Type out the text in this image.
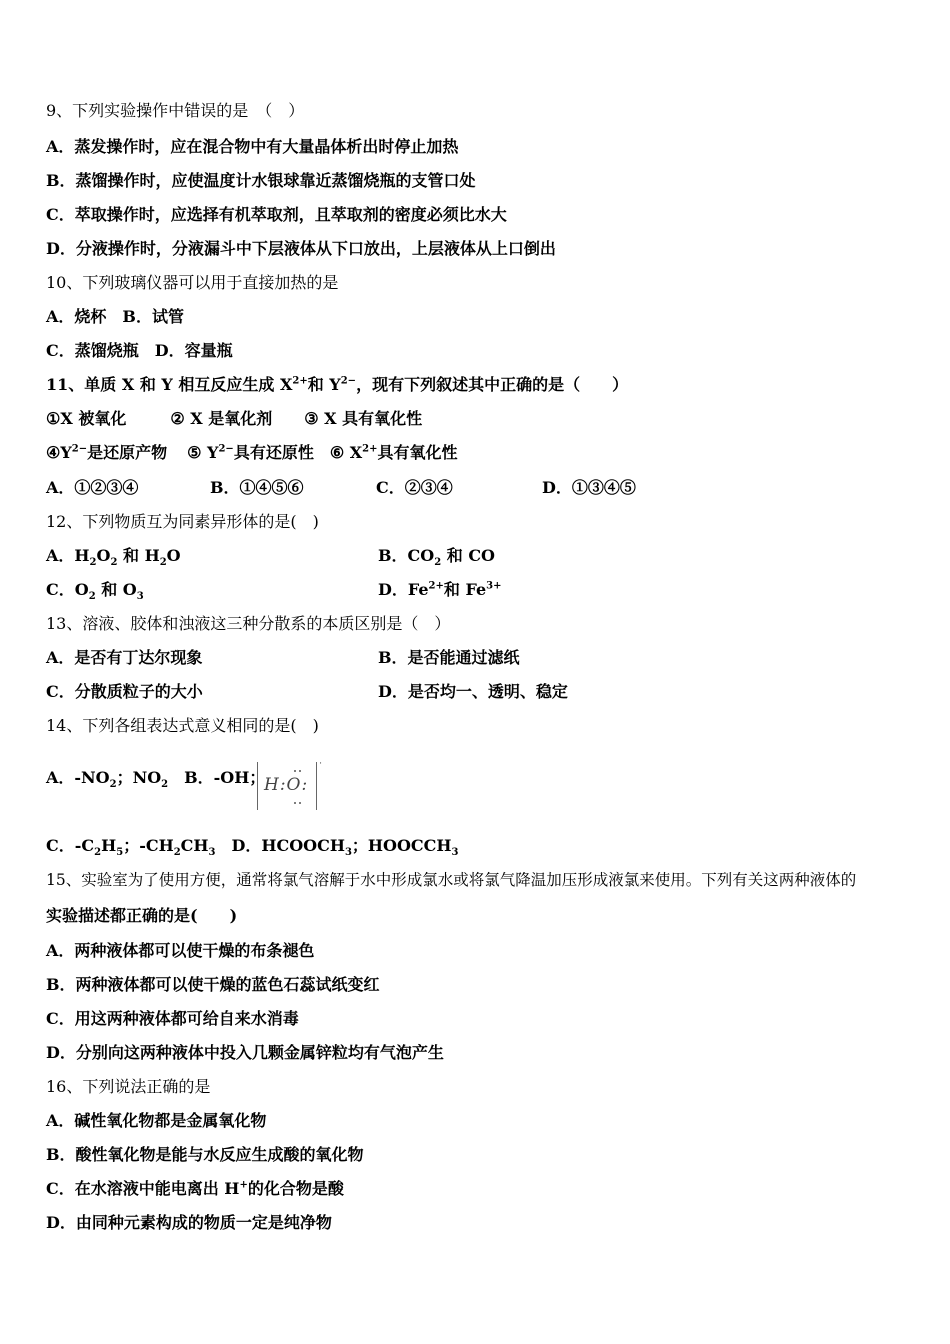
9、下列实验操作中错误的是　（　）
A．蒸发操作时，应在混合物中有大量晶体析出时停止加热
B．蒸馏操作时，应使温度计水银球靠近蒸馏烧瓶的支管口处
C．萃取操作时，应选择有机萃取剂，且萃取剂的密度必须比水大
D．分液操作时，分液漏斗中下层液体从下口放出，上层液体从上口倒出
10、下列玻璃仪器可以用于直接加热的是
A．烧杯　B．试管
C．蒸馏烧瓶　D．容量瓶
11、单质 X 和 Y 相互反应生成 $X^{2+}$和 $Y^{2-}$，现有下列叙述其中正确的是（　　）
①X 被氧化	② X 是氧化剂 ③ X 具有氧化性
$④Y^{2-}$是还原产物 ⑤ $Y^{2-}$具有还原性 ⑥ $X^{2+}$具有氧化性
A．①②③④	B．①④⑤⑥	C．②③④	D．①③④⑤
12、下列物质互为同素异形体的是(　)
A．$H_2O_2$ 和 $H_2O$	B．$CO_2$ 和 CO
C．$O_2$ 和 $O_3$	D．$Fe^{2+}$和 $Fe^{3+}$
13、溶液、胶体和浊液这三种分散系的本质区别是（　）
A．是否有丁达尔现象	B．是否能通过滤纸
C．分散质粒子的大小	D．是否均一、透明、稳定
14、下列各组表达式意义相同的是(　)
A．$-NO_2$；$NO_2$ B．-OH；
H:O:
·
C．$-C_2H_5$；$-CH_2CH_3$ D．$HCOOCH_3$；$HOOCCH_3$
15、实验室为了使用方便，通常将氯气溶解于水中形成氯水或将氯气降温加压形成液氯来使用。下列有关这两种液体的
实验描述都正确的是(　　)
A．两种液体都可以使干燥的布条褪色
B．两种液体都可以使干燥的蓝色石蕊试纸变红
C．用这两种液体都可给自来水消毒
D．分别向这两种液体中投入几颗金属锌粒均有气泡产生
16、下列说法正确的是
A．碱性氧化物都是金属氧化物
B．酸性氧化物是能与水反应生成酸的氧化物
C．在水溶液中能电离出 H+的化合物是酸
D．由同种元素构成的物质一定是纯净物
